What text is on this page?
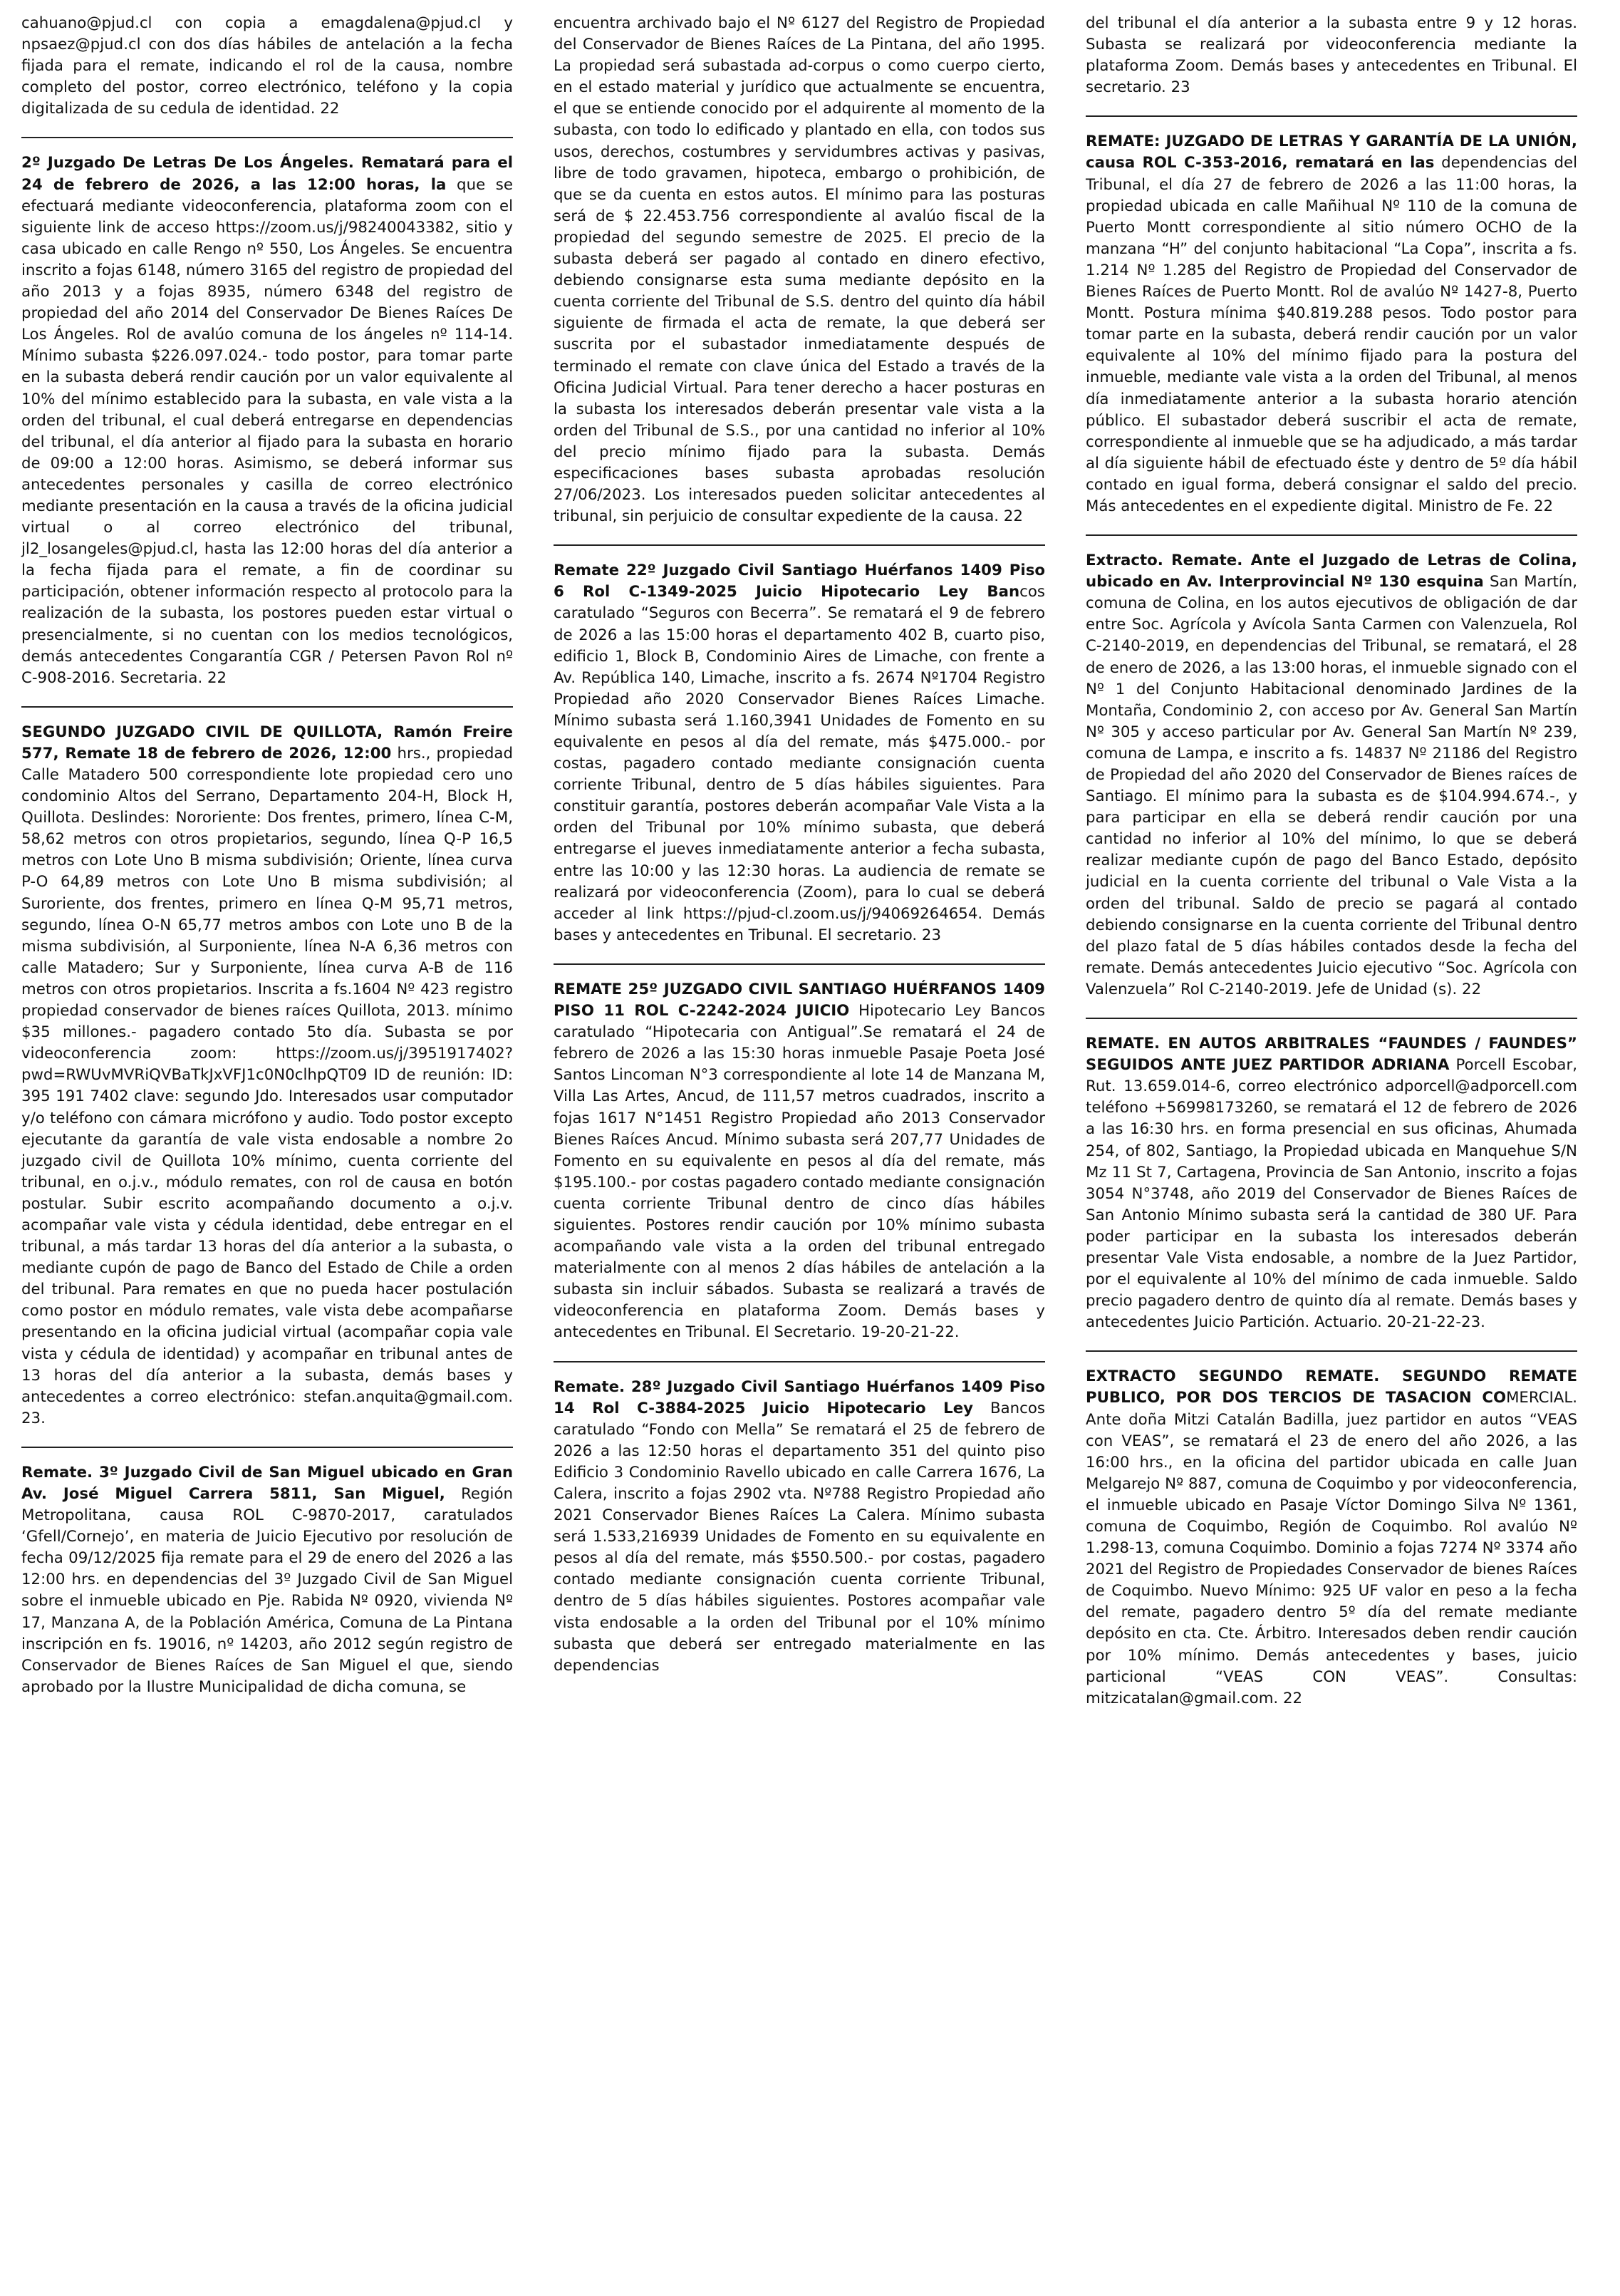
cahuano@pjud.cl con copia a emagdalena@pjud.cl y npsaez@pjud.cl con dos días hábiles de antelación a la fecha fijada para el remate, indicando el rol de la causa, nombre completo del postor, correo electrónico, teléfono y la copia digitalizada de su cedula de identidad. 22

2º Juzgado De Letras De Los Ángeles. Rematará para el 24 de febrero de 2026, a las 12:00 horas, la que se efectuará mediante videoconferencia, plataforma zoom con el siguiente link de acceso https://zoom.us/j/98240043382, sitio y casa ubicado en calle Rengo nº 550, Los Ángeles. Se encuentra inscrito a fojas 6148, número 3165 del registro de propiedad del año 2013 y a fojas 8935, número 6348 del registro de propiedad del año 2014 del Conservador De Bienes Raíces De Los Ángeles. Rol de avalúo comuna de los ángeles nº 114-14. Mínimo subasta $226.097.024.- todo postor, para tomar parte en la subasta deberá rendir caución por un valor equivalente al 10% del mínimo establecido para la subasta, en vale vista a la orden del tribunal, el cual deberá entregarse en dependencias del tribunal, el día anterior al fijado para la subasta en horario de 09:00 a 12:00 horas. Asimismo, se deberá informar sus antecedentes personales y casilla de correo electrónico mediante presentación en la causa a través de la oficina judicial virtual o al correo electrónico del tribunal, jl2_losangeles@pjud.cl, hasta las 12:00 horas del día anterior a la fecha fijada para el remate, a fin de coordinar su participación, obtener información respecto al protocolo para la realización de la subasta, los postores pueden estar virtual o presencialmente, si no cuentan con los medios tecnológicos, demás antecedentes Congarantía CGR / Petersen Pavon Rol nº C-908-2016. Secretaria. 22

SEGUNDO JUZGADO CIVIL DE QUILLOTA, Ramón Freire 577, Remate 18 de febrero de 2026, 12:00 hrs., propiedad Calle Matadero 500 correspondiente lote propiedad cero uno condominio Altos del Serrano, Departamento 204-H, Block H, Quillota. Deslindes: Nororiente: Dos frentes, primero, línea C-M, 58,62 metros con otros propietarios, segundo, línea Q-P 16,5 metros con Lote Uno B misma subdivisión; Oriente, línea curva P-O 64,89 metros con Lote Uno B misma subdivisión; al Suroriente, dos frentes, primero en línea Q-M 95,71 metros, segundo, línea O-N 65,77 metros ambos con Lote uno B de la misma subdivisión, al Surponiente, línea N-A 6,36 metros con calle Matadero; Sur y Surponiente, línea curva A-B de 116 metros con otros propietarios. Inscrita a fs.1604 Nº 423 registro propiedad conservador de bienes raíces Quillota, 2013. mínimo $35 millones.- pagadero contado 5to día. Subasta se por videoconferencia zoom: https://zoom.us/j/3951917402?pwd=RWUvMVRiQVBaTkJxVFJ1c0N0clhpQT09 ID de reunión: ID: 395 191 7402 clave: segundo Jdo. Interesados usar computador y/o teléfono con cámara micrófono y audio. Todo postor excepto ejecutante da garantía de vale vista endosable a nombre 2o juzgado civil de Quillota 10% mínimo, cuenta corriente del tribunal, en o.j.v., módulo remates, con rol de causa en botón postular. Subir escrito acompañando documento a o.j.v. acompañar vale vista y cédula identidad, debe entregar en el tribunal, a más tardar 13 horas del día anterior a la subasta, o mediante cupón de pago de Banco del Estado de Chile a orden del tribunal. Para remates en que no pueda hacer postulación como postor en módulo remates, vale vista debe acompañarse presentando en la oficina judicial virtual (acompañar copia vale vista y cédula de identidad) y acompañar en tribunal antes de 13 horas del día anterior a la subasta, demás bases y antecedentes a correo electrónico: stefan.anquita@gmail.com. 23.

Remate. 3º Juzgado Civil de San Miguel ubicado en Gran Av. José Miguel Carrera 5811, San Miguel, Región Metropolitana, causa ROL C-9870-2017, caratulados ‘Gfell/Cornejo’, en materia de Juicio Ejecutivo por resolución de fecha 09/12/2025 fija remate para el 29 de enero del 2026 a las 12:00 hrs. en dependencias del 3º Juzgado Civil de San Miguel sobre el inmueble ubicado en Pje. Rabida Nº 0920, vivienda Nº 17, Manzana A, de la Población América, Comuna de La Pintana inscripción en fs. 19016, nº 14203, año 2012 según registro de Conservador de Bienes Raíces de San Miguel el que, siendo aprobado por la Ilustre Municipalidad de dicha comuna, se

encuentra archivado bajo el Nº 6127 del Registro de Propiedad del Conservador de Bienes Raíces de La Pintana, del año 1995. La propiedad será subastada ad-corpus o como cuerpo cierto, en el estado material y jurídico que actualmente se encuentra, el que se entiende conocido por el adquirente al momento de la subasta, con todo lo edificado y plantado en ella, con todos sus usos, derechos, costumbres y servidumbres activas y pasivas, libre de todo gravamen, hipoteca, embargo o prohibición, de que se da cuenta en estos autos. El mínimo para las posturas será de $ 22.453.756 correspondiente al avalúo fiscal de la propiedad del segundo semestre de 2025. El precio de la subasta deberá ser pagado al contado en dinero efectivo, debiendo consignarse esta suma mediante depósito en la cuenta corriente del Tribunal de S.S. dentro del quinto día hábil siguiente de firmada el acta de remate, la que deberá ser suscrita por el subastador inmediatamente después de terminado el remate con clave única del Estado a través de la Oficina Judicial Virtual. Para tener derecho a hacer posturas en la subasta los interesados deberán presentar vale vista a la orden del Tribunal de S.S., por una cantidad no inferior al 10% del precio mínimo fijado para la subasta. Demás especificaciones bases subasta aprobadas resolución 27/06/2023. Los interesados pueden solicitar antecedentes al tribunal, sin perjuicio de consultar expediente de la causa. 22

Remate 22º Juzgado Civil Santiago Huérfanos 1409 Piso 6 Rol C-1349-2025 Juicio Hipotecario Ley Bancos caratulado “Seguros con Becerra”. Se rematará el 9 de febrero de 2026 a las 15:00 horas el departamento 402 B, cuarto piso, edificio 1, Block B, Condominio Aires de Limache, con frente a Av. República 140, Limache, inscrito a fs. 2674 Nº1704 Registro Propiedad año 2020 Conservador Bienes Raíces Limache. Mínimo subasta será 1.160,3941 Unidades de Fomento en su equivalente en pesos al día del remate, más $475.000.- por costas, pagadero contado mediante consignación cuenta corriente Tribunal, dentro de 5 días hábiles siguientes. Para constituir garantía, postores deberán acompañar Vale Vista a la orden del Tribunal por 10% mínimo subasta, que deberá entregarse el jueves inmediatamente anterior a fecha subasta, entre las 10:00 y las 12:30 horas. La audiencia de remate se realizará por videoconferencia (Zoom), para lo cual se deberá acceder al link https://pjud-cl.zoom.us/j/94069264654. Demás bases y antecedentes en Tribunal. El secretario. 23

REMATE 25º JUZGADO CIVIL SANTIAGO HUÉRFANOS 1409 PISO 11 ROL C-2242-2024 JUICIO Hipotecario Ley Bancos caratulado “Hipotecaria con Antigual”.Se rematará el 24 de febrero de 2026 a las 15:30 horas inmueble Pasaje Poeta José Santos Lincoman N°3 correspondiente al lote 14 de Manzana M, Villa Las Artes, Ancud, de 111,57 metros cuadrados, inscrito a fojas 1617 N°1451 Registro Propiedad año 2013 Conservador Bienes Raíces Ancud. Mínimo subasta será 207,77 Unidades de Fomento en su equivalente en pesos al día del remate, más $195.100.- por costas pagadero contado mediante consignación cuenta corriente Tribunal dentro de cinco días hábiles siguientes. Postores rendir caución por 10% mínimo subasta acompañando vale vista a la orden del tribunal entregado materialmente con al menos 2 días hábiles de antelación a la subasta sin incluir sábados. Subasta se realizará a través de videoconferencia en plataforma Zoom. Demás bases y antecedentes en Tribunal. El Secretario. 19-20-21-22.

Remate. 28º Juzgado Civil Santiago Huérfanos 1409 Piso 14 Rol C-3884-2025 Juicio Hipotecario Ley Bancos caratulado “Fondo con Mella” Se rematará el 25 de febrero de 2026 a las 12:50 horas el departamento 351 del quinto piso Edificio 3 Condominio Ravello ubicado en calle Carrera 1676, La Calera, inscrito a fojas 2902 vta. Nº788 Registro Propiedad año 2021 Conservador Bienes Raíces La Calera. Mínimo subasta será 1.533,216939 Unidades de Fomento en su equivalente en pesos al día del remate, más $550.500.- por costas, pagadero contado mediante consignación cuenta corriente Tribunal, dentro de 5 días hábiles siguientes. Postores acompañar vale vista endosable a la orden del Tribunal por el 10% mínimo subasta que deberá ser entregado materialmente en las dependencias

del tribunal el día anterior a la subasta entre 9 y 12 horas. Subasta se realizará por videoconferencia mediante la plataforma Zoom. Demás bases y antecedentes en Tribunal. El secretario. 23

REMATE: JUZGADO DE LETRAS Y GARANTÍA DE LA UNIÓN, causa ROL C-353-2016, rematará en las dependencias del Tribunal, el día 27 de febrero de 2026 a las 11:00 horas, la propiedad ubicada en calle Mañihual Nº 110 de la comuna de Puerto Montt correspondiente al sitio número OCHO de la manzana “H” del conjunto habitacional “La Copa”, inscrita a fs. 1.214 Nº 1.285 del Registro de Propiedad del Conservador de Bienes Raíces de Puerto Montt. Rol de avalúo Nº 1427-8, Puerto Montt. Postura mínima $40.819.288 pesos. Todo postor para tomar parte en la subasta, deberá rendir caución por un valor equivalente al 10% del mínimo fijado para la postura del inmueble, mediante vale vista a la orden del Tribunal, al menos día inmediatamente anterior a la subasta horario atención público. El subastador deberá suscribir el acta de remate, correspondiente al inmueble que se ha adjudicado, a más tardar al día siguiente hábil de efectuado éste y dentro de 5º día hábil contado en igual forma, deberá consignar el saldo del precio. Más antecedentes en el expediente digital. Ministro de Fe. 22

Extracto. Remate. Ante el Juzgado de Letras de Colina, ubicado en Av. Interprovincial Nº 130 esquina San Martín, comuna de Colina, en los autos ejecutivos de obligación de dar entre Soc. Agrícola y Avícola Santa Carmen con Valenzuela, Rol C-2140-2019, en dependencias del Tribunal, se rematará, el 28 de enero de 2026, a las 13:00 horas, el inmueble signado con el Nº 1 del Conjunto Habitacional denominado Jardines de la Montaña, Condominio 2, con acceso por Av. General San Martín Nº 305 y acceso particular por Av. General San Martín Nº 239, comuna de Lampa, e inscrito a fs. 14837 Nº 21186 del Registro de Propiedad del año 2020 del Conservador de Bienes raíces de Santiago. El mínimo para la subasta es de $104.994.674.-, y para participar en ella se deberá rendir caución por una cantidad no inferior al 10% del mínimo, lo que se deberá realizar mediante cupón de pago del Banco Estado, depósito judicial en la cuenta corriente del tribunal o Vale Vista a la orden del tribunal. Saldo de precio se pagará al contado debiendo consignarse en la cuenta corriente del Tribunal dentro del plazo fatal de 5 días hábiles contados desde la fecha del remate. Demás antecedentes Juicio ejecutivo “Soc. Agrícola con Valenzuela” Rol C-2140-2019. Jefe de Unidad (s). 22

REMATE. EN AUTOS ARBITRALES “FAUNDES / FAUNDES” SEGUIDOS ANTE JUEZ PARTIDOR ADRIANA Porcell Escobar, Rut. 13.659.014-6, correo electrónico adporcell@adporcell.com teléfono +56998173260, se rematará el 12 de febrero de 2026 a las 16:30 hrs. en forma presencial en sus oficinas, Ahumada 254, of 802, Santiago, la Propiedad ubicada en Manquehue S/N Mz 11 St 7, Cartagena, Provincia de San Antonio, inscrito a fojas 3054 N°3748, año 2019 del Conservador de Bienes Raíces de San Antonio Mínimo subasta será la cantidad de 380 UF. Para poder participar en la subasta los interesados deberán presentar Vale Vista endosable, a nombre de la Juez Partidor, por el equivalente al 10% del mínimo de cada inmueble. Saldo precio pagadero dentro de quinto día al remate. Demás bases y antecedentes Juicio Partición. Actuario. 20-21-22-23.

EXTRACTO SEGUNDO REMATE. SEGUNDO REMATE PUBLICO, POR DOS TERCIOS DE TASACION COMERCIAL. Ante doña Mitzi Catalán Badilla, juez partidor en autos “VEAS con VEAS”, se rematará el 23 de enero del año 2026, a las 16:00 hrs., en la oficina del partidor ubicada en calle Juan Melgarejo Nº 887, comuna de Coquimbo y por videoconferencia, el inmueble ubicado en Pasaje Víctor Domingo Silva Nº 1361, comuna de Coquimbo, Región de Coquimbo. Rol avalúo Nº 1.298-13, comuna Coquimbo. Dominio a fojas 7274 Nº 3374 año 2021 del Registro de Propiedades Conservador de bienes Raíces de Coquimbo. Nuevo Mínimo: 925 UF valor en peso a la fecha del remate, pagadero dentro 5º día del remate mediante depósito en cta. Cte. Árbitro. Interesados deben rendir caución por 10% mínimo. Demás antecedentes y bases, juicio particional “VEAS CON VEAS”. Consultas: mitzicatalan@gmail.com. 22
